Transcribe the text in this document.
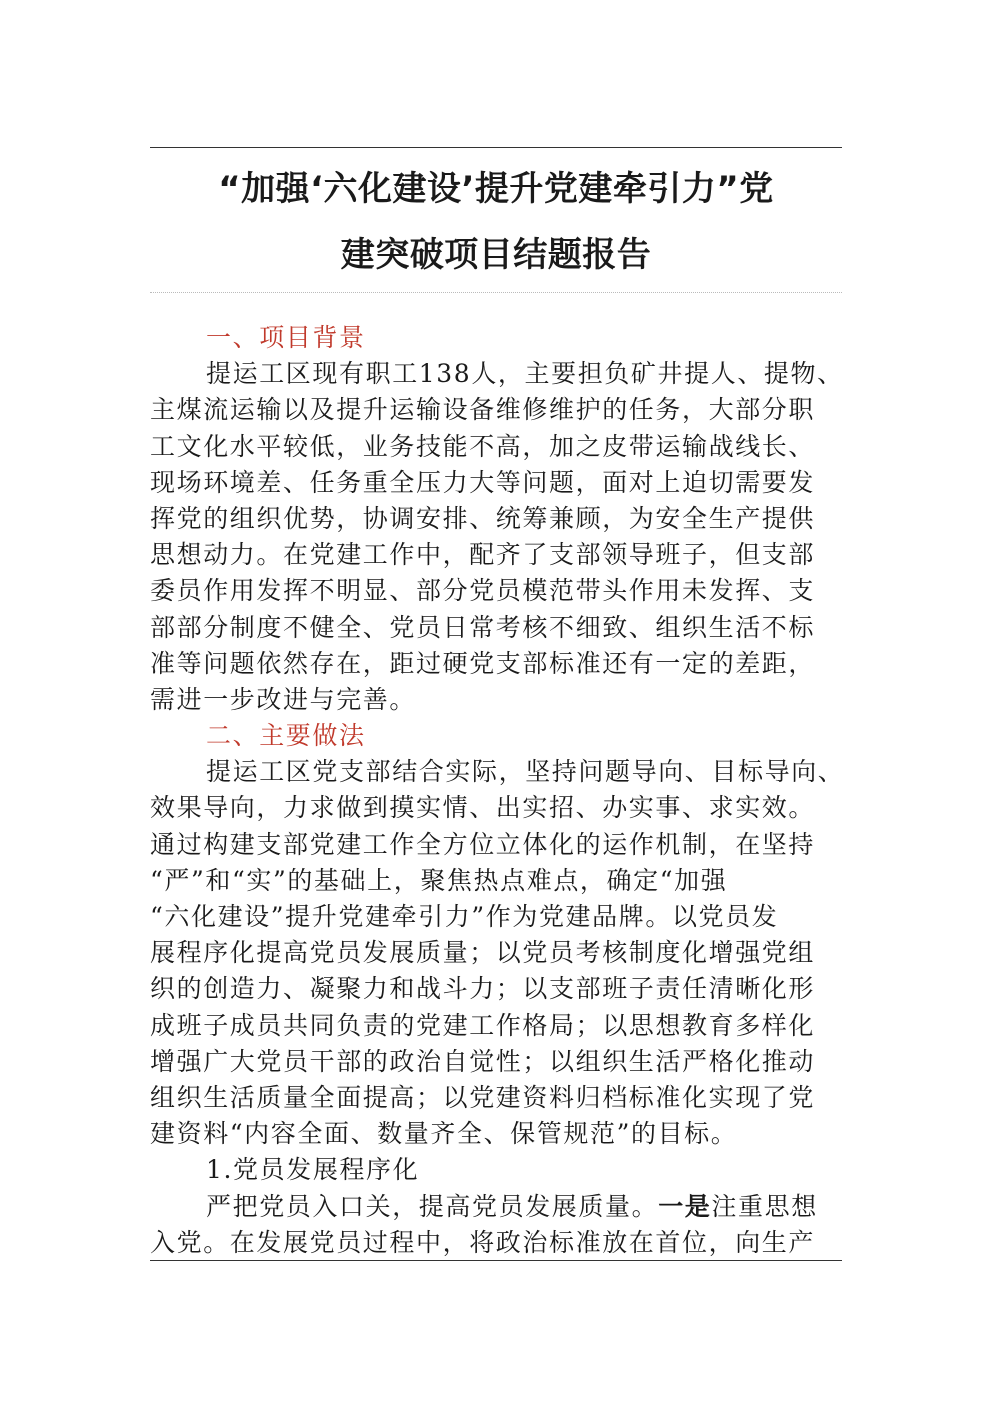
“加强‘六化建设’提升党建牵引力”党
建突破项目结题报告
一、项目背景
提运工区现有职工138人，主要担负矿井提人、提物、
主煤流运输以及提升运输设备维修维护的任务，大部分职
工文化水平较低，业务技能不高，加之皮带运输战线长、
现场环境差、任务重全压力大等问题，面对上迫切需要发
挥党的组织优势，协调安排、统筹兼顾，为安全生产提供
思想动力。在党建工作中，配齐了支部领导班子，但支部
委员作用发挥不明显、部分党员模范带头作用未发挥、支
部部分制度不健全、党员日常考核不细致、组织生活不标
准等问题依然存在，距过硬党支部标准还有一定的差距，
需进一步改进与完善。
二、主要做法
提运工区党支部结合实际，坚持问题导向、目标导向、
效果导向，力求做到摸实情、出实招、办实事、求实效。
通过构建支部党建工作全方位立体化的运作机制，在坚持
“严”和“实”的基础上，聚焦热点难点，确定“加强
“六化建设”提升党建牵引力”作为党建品牌。以党员发
展程序化提高党员发展质量；以党员考核制度化增强党组
织的创造力、凝聚力和战斗力；以支部班子责任清晰化形
成班子成员共同负责的党建工作格局；以思想教育多样化
增强广大党员干部的政治自觉性；以组织生活严格化推动
组织生活质量全面提高；以党建资料归档标准化实现了党
建资料“内容全面、数量齐全、保管规范”的目标。
1.党员发展程序化
严把党员入口关，提高党员发展质量。一是注重思想
入党。在发展党员过程中，将政治标准放在首位，向生产
